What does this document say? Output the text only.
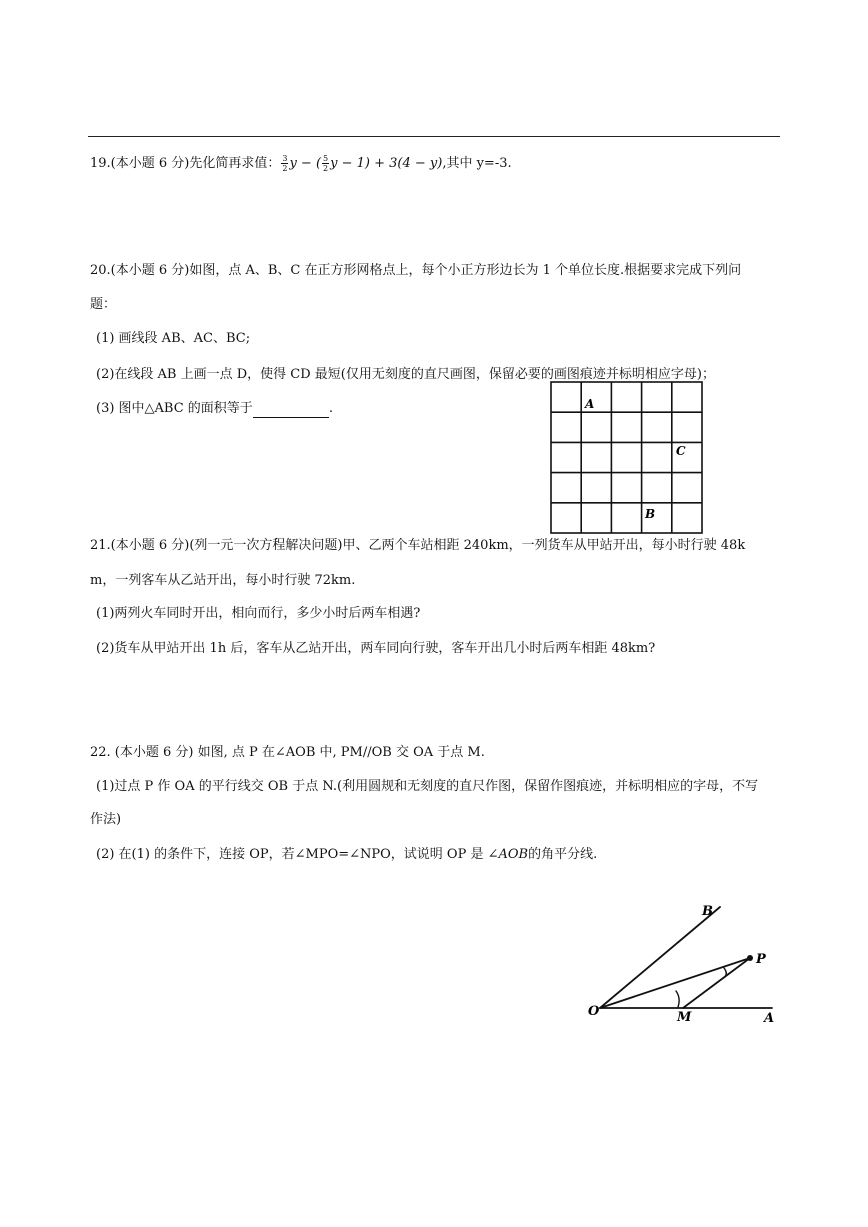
19.(本小题 6 分)先化简再求值： $\frac{3}{2}$ y − ( $\frac{5}{2}$ y − 1) + 3(4 − y),其中 y=-3.
20.(本小题 6 分)如图，点 A、B、C 在正方形网格点上，每个小正方形边长为 1 个单位长度.根据要求完成下列问
题：
(1) 画线段 AB、AC、BC;
(2)在线段 AB 上画一点 D，使得 CD 最短(仅用无刻度的直尺画图，保留必要的画图痕迹并标明相应字母)；
(3) 图中△ABC 的面积等于	.	A
C
B
21.(本小题 6 分)(列一元一次方程解决问题)甲、乙两个车站相距 240km，一列货车从甲站开出，每小时行驶 48k
m，一列客车从乙站开出，每小时行驶 72km.
(1)两列火车同时开出，相向而行，多少小时后两车相遇?
(2)货车从甲站开出 1h 后，客车从乙站开出，两车同向行驶，客车开出几小时后两车相距 48km?
22. (本小题 6 分) 如图, 点 P 在∠AOB 中, PM//OB 交 OA 于点 M.
(1)过点 P 作 OA 的平行线交 OB 于点 N.(利用圆规和无刻度的直尺作图，保留作图痕迹，并标明相应的字母，不写
作法)
(2) 在(1) 的条件下，连接 OP，若∠MPO=∠NPO，试说明 OP 是 ∠AOB的角平分线.
B
P
O	M	A
